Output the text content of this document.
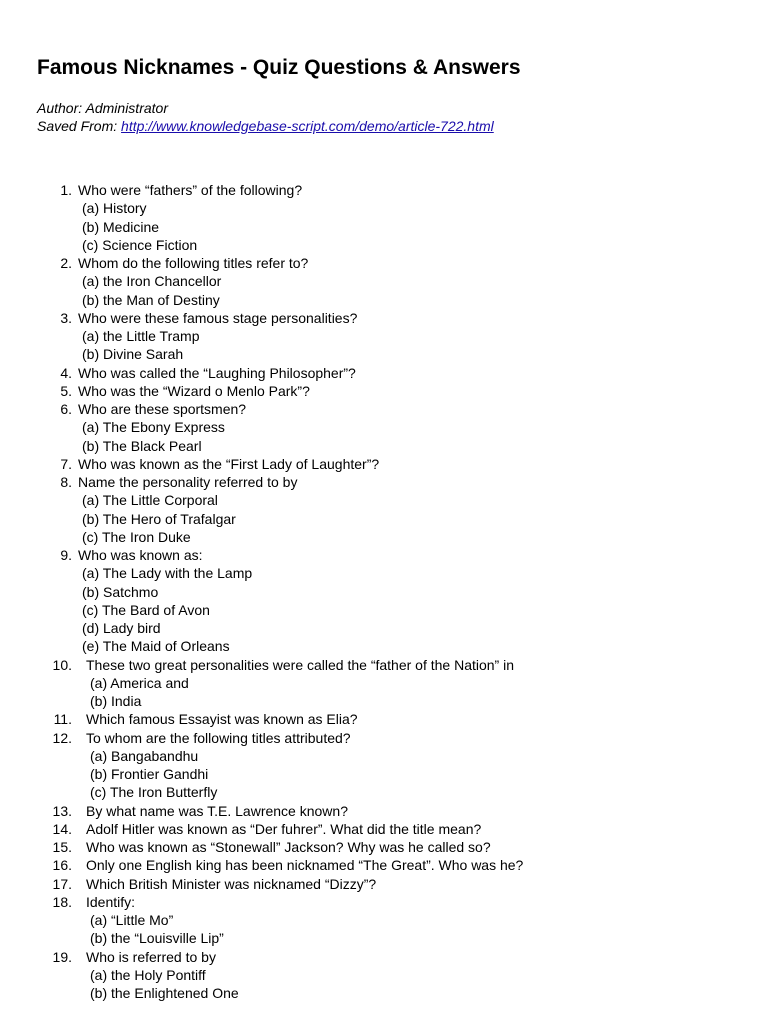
Famous Nicknames - Quiz Questions & Answers
Author: Administrator
Saved From: http://www.knowledgebase-script.com/demo/article-722.html
1. Who were “fathers” of the following?
(a) History
(b) Medicine
(c) Science Fiction
2. Whom do the following titles refer to?
(a) the Iron Chancellor
(b) the Man of Destiny
3. Who were these famous stage personalities?
(a) the Little Tramp
(b) Divine Sarah
4. Who was called the “Laughing Philosopher”?
5. Who was the “Wizard o Menlo Park”?
6. Who are these sportsmen?
(a) The Ebony Express
(b) The Black Pearl
7. Who was known as the “First Lady of Laughter”?
8. Name the personality referred to by
(a) The Little Corporal
(b) The Hero of Trafalgar
(c) The Iron Duke
9. Who was known as:
(a) The Lady with the Lamp
(b) Satchmo
(c) The Bard of Avon
(d) Lady bird
(e) The Maid of Orleans
10. These two great personalities were called the “father of the Nation” in
(a) America and
(b) India
11. Which famous Essayist was known as Elia?
12. To whom are the following titles attributed?
(a) Bangabandhu
(b) Frontier Gandhi
(c) The Iron Butterfly
13. By what name was T.E. Lawrence known?
14. Adolf Hitler was known as “Der fuhrer”. What did the title mean?
15. Who was known as “Stonewall” Jackson? Why was he called so?
16. Only one English king has been nicknamed “The Great”. Who was he?
17. Which British Minister was nicknamed “Dizzy”?
18. Identify:
(a) “Little Mo”
(b) the “Louisville Lip”
19. Who is referred to by
(a) the Holy Pontiff
(b) the Enlightened One
